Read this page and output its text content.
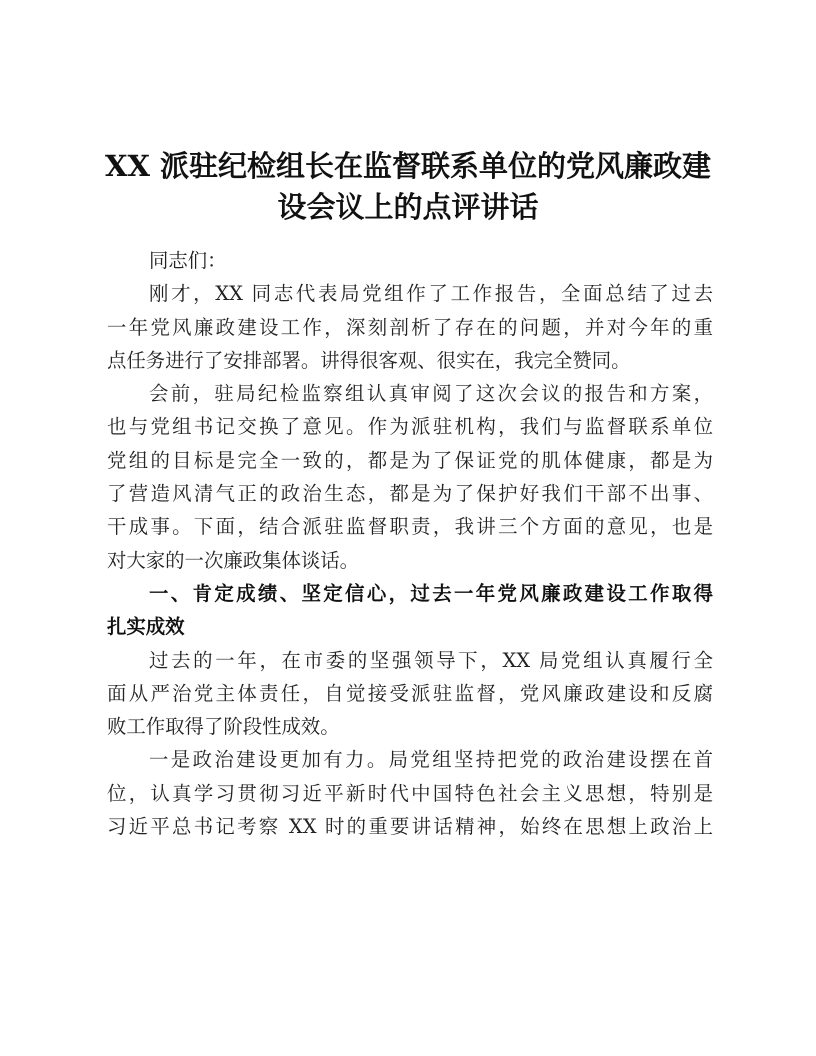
XX 派驻纪检组长在监督联系单位的党风廉政建
设会议上的点评讲话
同志们：
刚才，XX 同志代表局党组作了工作报告，全面总结了过去
一年党风廉政建设工作，深刻剖析了存在的问题，并对今年的重
点任务进行了安排部署。讲得很客观、很实在，我完全赞同。
会前，驻局纪检监察组认真审阅了这次会议的报告和方案，
也与党组书记交换了意见。作为派驻机构，我们与监督联系单位
党组的目标是完全一致的，都是为了保证党的肌体健康，都是为
了营造风清气正的政治生态，都是为了保护好我们干部不出事、
干成事。下面，结合派驻监督职责，我讲三个方面的意见，也是
对大家的一次廉政集体谈话。
一、肯定成绩、坚定信心，过去一年党风廉政建设工作取得
扎实成效
过去的一年，在市委的坚强领导下，XX 局党组认真履行全
面从严治党主体责任，自觉接受派驻监督，党风廉政建设和反腐
败工作取得了阶段性成效。
一是政治建设更加有力。局党组坚持把党的政治建设摆在首
位，认真学习贯彻习近平新时代中国特色社会主义思想，特别是
习近平总书记考察 XX 时的重要讲话精神，始终在思想上政治上
